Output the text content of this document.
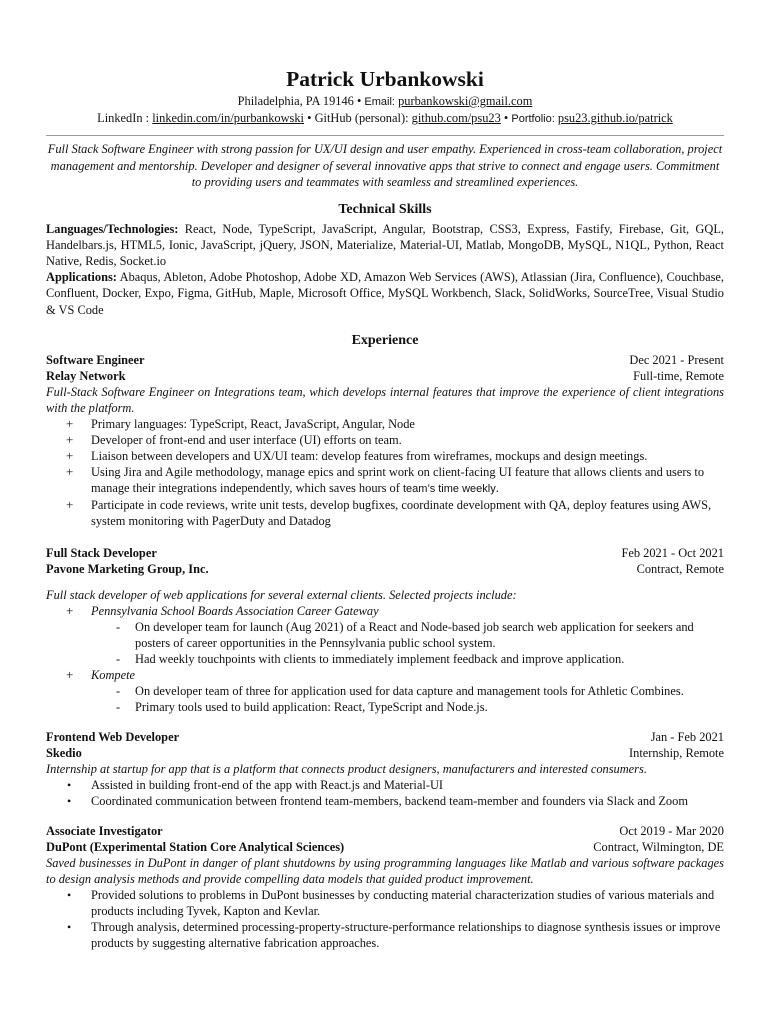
Patrick Urbankowski
Philadelphia, PA 19146 • Email: purbankowski@gmail.com
LinkedIn : linkedin.com/in/purbankowski • GitHub (personal): github.com/psu23 • Portfolio: psu23.github.io/patrick
Full Stack Software Engineer with strong passion for UX/UI design and user empathy. Experienced in cross-team collaboration, project management and mentorship. Developer and designer of several innovative apps that strive to connect and engage users. Commitment to providing users and teammates with seamless and streamlined experiences.
Technical Skills
Languages/Technologies: React, Node, TypeScript, JavaScript, Angular, Bootstrap, CSS3, Express, Fastify, Firebase, Git, GQL, Handelbars.js, HTML5, Ionic, JavaScript, jQuery, JSON, Materialize, Material-UI, Matlab, MongoDB, MySQL, N1QL, Python, React Native, Redis, Socket.io
Applications: Abaqus, Ableton, Adobe Photoshop, Adobe XD, Amazon Web Services (AWS), Atlassian (Jira, Confluence), Couchbase, Confluent, Docker, Expo, Figma, GitHub, Maple, Microsoft Office, MySQL Workbench, Slack, SolidWorks, SourceTree, Visual Studio & VS Code
Experience
Software Engineer	Dec 2021 - Present
Relay Network	Full-time, Remote
Full-Stack Software Engineer on Integrations team, which develops internal features that improve the experience of client integrations with the platform.
+ Primary languages: TypeScript, React, JavaScript, Angular, Node
+ Developer of front-end and user interface (UI) efforts on team.
+ Liaison between developers and UX/UI team: develop features from wireframes, mockups and design meetings.
+ Using Jira and Agile methodology, manage epics and sprint work on client-facing UI feature that allows clients and users to manage their integrations independently, which saves hours of team’s time weekly.
+ Participate in code reviews, write unit tests, develop bugfixes, coordinate development with QA, deploy features using AWS, system monitoring with PagerDuty and Datadog
Full Stack Developer	Feb 2021 - Oct 2021
Pavone Marketing Group, Inc.	Contract, Remote
Full stack developer of web applications for several external clients. Selected projects include:
+ Pennsylvania School Boards Association Career Gateway
- On developer team for launch (Aug 2021) of a React and Node-based job search web application for seekers and posters of career opportunities in the Pennsylvania public school system.
- Had weekly touchpoints with clients to immediately implement feedback and improve application.
+ Kompete
- On developer team of three for application used for data capture and management tools for Athletic Combines.
- Primary tools used to build application: React, TypeScript and Node.js.
Frontend Web Developer	Jan - Feb 2021
Skedio	Internship, Remote
Internship at startup for app that is a platform that connects product designers, manufacturers and interested consumers.
• Assisted in building front-end of the app with React.js and Material-UI
• Coordinated communication between frontend team-members, backend team-member and founders via Slack and Zoom
Associate Investigator	Oct 2019 - Mar 2020
DuPont (Experimental Station Core Analytical Sciences)	Contract, Wilmington, DE
Saved businesses in DuPont in danger of plant shutdowns by using programming languages like Matlab and various software packages to design analysis methods and provide compelling data models that guided product improvement.
• Provided solutions to problems in DuPont businesses by conducting material characterization studies of various materials and products including Tyvek, Kapton and Kevlar.
• Through analysis, determined processing-property-structure-performance relationships to diagnose synthesis issues or improve products by suggesting alternative fabrication approaches.
